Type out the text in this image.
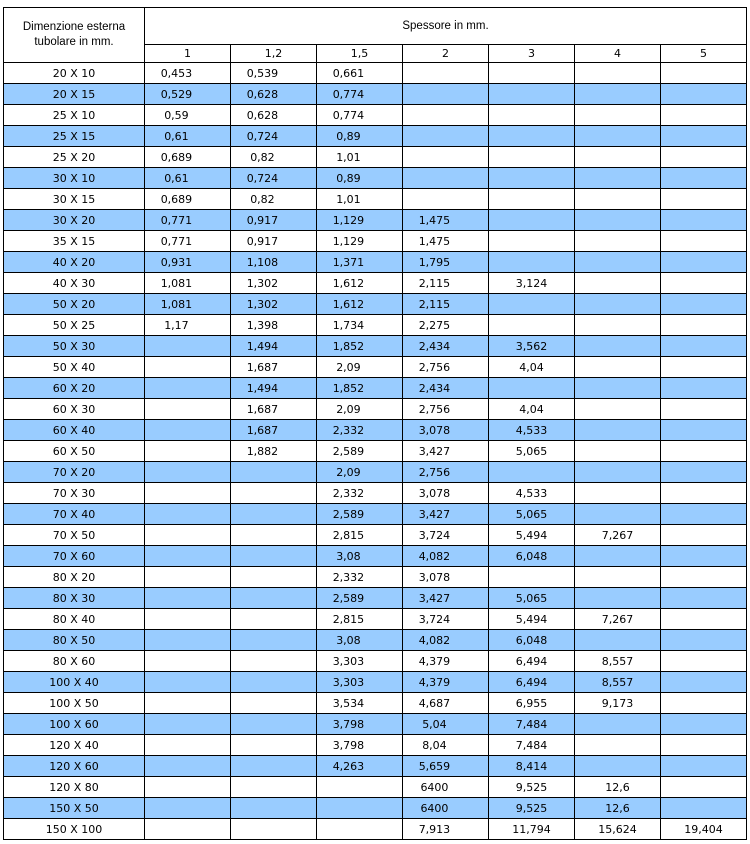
Dimenzione esterna tubolare in mm.	Spessore in mm.						
	1	1,2	1,5	2	3	4	5
20 X 10	0,453	0,539	0,661				
20 X 15	0,529	0,628	0,774				
25 X 10	0,59	0,628	0,774				
25 X 15	0,61	0,724	0,89				
25 X 20	0,689	0,82	1,01				
30 X 10	0,61	0,724	0,89				
30 X 15	0,689	0,82	1,01				
30 X 20	0,771	0,917	1,129	1,475			
35 X 15	0,771	0,917	1,129	1,475			
40 X 20	0,931	1,108	1,371	1,795			
40 X 30	1,081	1,302	1,612	2,115	3,124		
50 X 20	1,081	1,302	1,612	2,115			
50 X 25	1,17	1,398	1,734	2,275			
50 X 30		1,494	1,852	2,434	3,562		
50 X 40		1,687	2,09	2,756	4,04		
60 X 20		1,494	1,852	2,434			
60 X 30		1,687	2,09	2,756	4,04		
60 X 40		1,687	2,332	3,078	4,533		
60 X 50		1,882	2,589	3,427	5,065		
70 X 20			2,09	2,756			
70 X 30			2,332	3,078	4,533		
70 X 40			2,589	3,427	5,065		
70 X 50			2,815	3,724	5,494	7,267	
70 X 60			3,08	4,082	6,048		
80 X 20			2,332	3,078			
80 X 30			2,589	3,427	5,065		
80 X 40			2,815	3,724	5,494	7,267	
80 X 50			3,08	4,082	6,048		
80 X 60			3,303	4,379	6,494	8,557	
100 X 40			3,303	4,379	6,494	8,557	
100 X 50			3,534	4,687	6,955	9,173	
100 X 60			3,798	5,04	7,484		
120 X 40			3,798	8,04	7,484		
120 X 60			4,263	5,659	8,414		
120 X 80				6400	9,525	12,6	
150 X 50				6400	9,525	12,6	
150 X 100				7,913	11,794	15,624	19,404
